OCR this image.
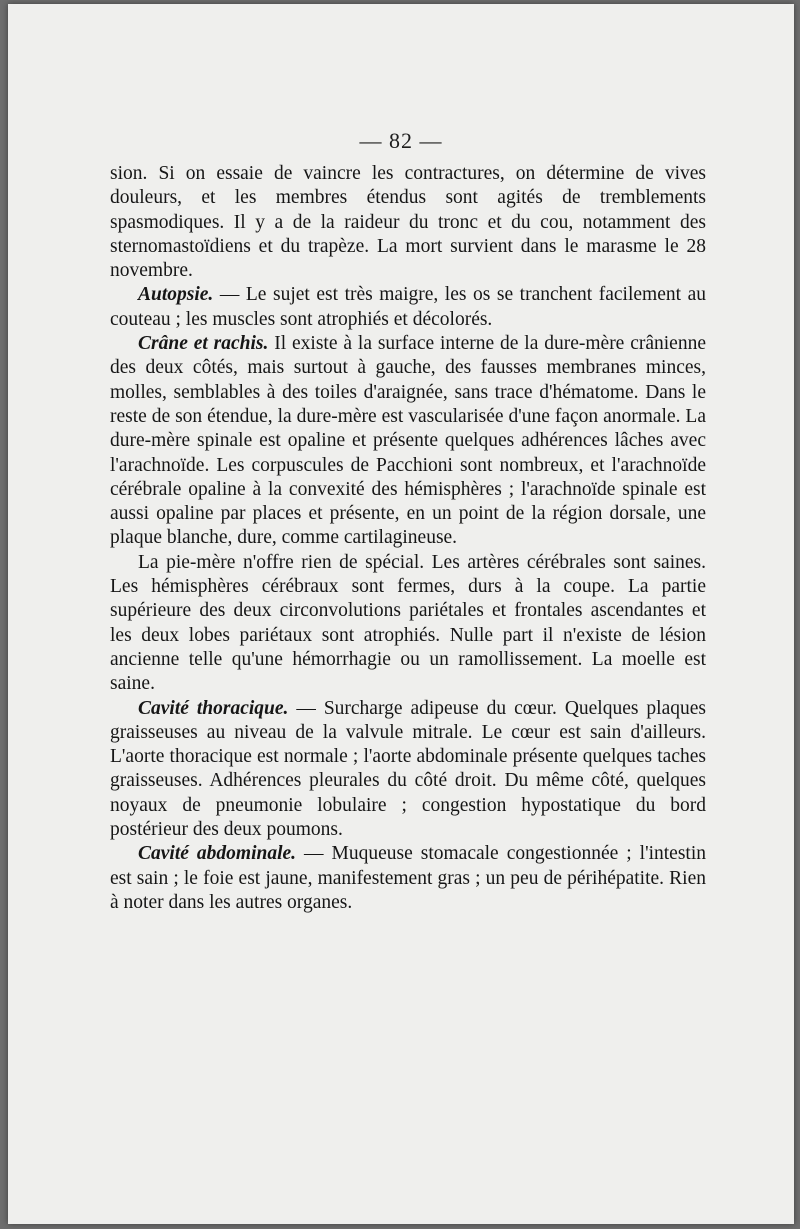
— 82 —

sion. Si on essaie de vaincre les contractures, on détermine de vives douleurs, et les membres étendus sont agités de tremblements spasmodiques. Il y a de la raideur du tronc et du cou, notamment des sternomastoïdiens et du trapèze. La mort survient dans le marasme le 28 novembre.

Autopsie. — Le sujet est très maigre, les os se tranchent facilement au couteau ; les muscles sont atrophiés et décolorés.

Crâne et rachis. Il existe à la surface interne de la dure-mère crânienne des deux côtés, mais surtout à gauche, des fausses membranes minces, molles, semblables à des toiles d'araignée, sans trace d'hématome. Dans le reste de son étendue, la dure-mère est vascularisée d'une façon anormale. La dure-mère spinale est opaline et présente quelques adhérences lâches avec l'arachnoïde. Les corpuscules de Pacchioni sont nombreux, et l'arachnoïde cérébrale opaline à la convexité des hémisphères ; l'arachnoïde spinale est aussi opaline par places et présente, en un point de la région dorsale, une plaque blanche, dure, comme cartilagineuse.

La pie-mère n'offre rien de spécial. Les artères cérébrales sont saines. Les hémisphères cérébraux sont fermes, durs à la coupe. La partie supérieure des deux circonvolutions pariétales et frontales ascendantes et les deux lobes pariétaux sont atrophiés. Nulle part il n'existe de lésion ancienne telle qu'une hémorrhagie ou un ramollissement. La moelle est saine.

Cavité thoracique. — Surcharge adipeuse du cœur. Quelques plaques graisseuses au niveau de la valvule mitrale. Le cœur est sain d'ailleurs. L'aorte thoracique est normale ; l'aorte abdominale présente quelques taches graisseuses. Adhérences pleurales du côté droit. Du même côté, quelques noyaux de pneumonie lobulaire ; congestion hypostatique du bord postérieur des deux poumons.

Cavité abdominale. — Muqueuse stomacale congestionnée ; l'intestin est sain ; le foie est jaune, manifestement gras ; un peu de périhépatite. Rien à noter dans les autres organes.
